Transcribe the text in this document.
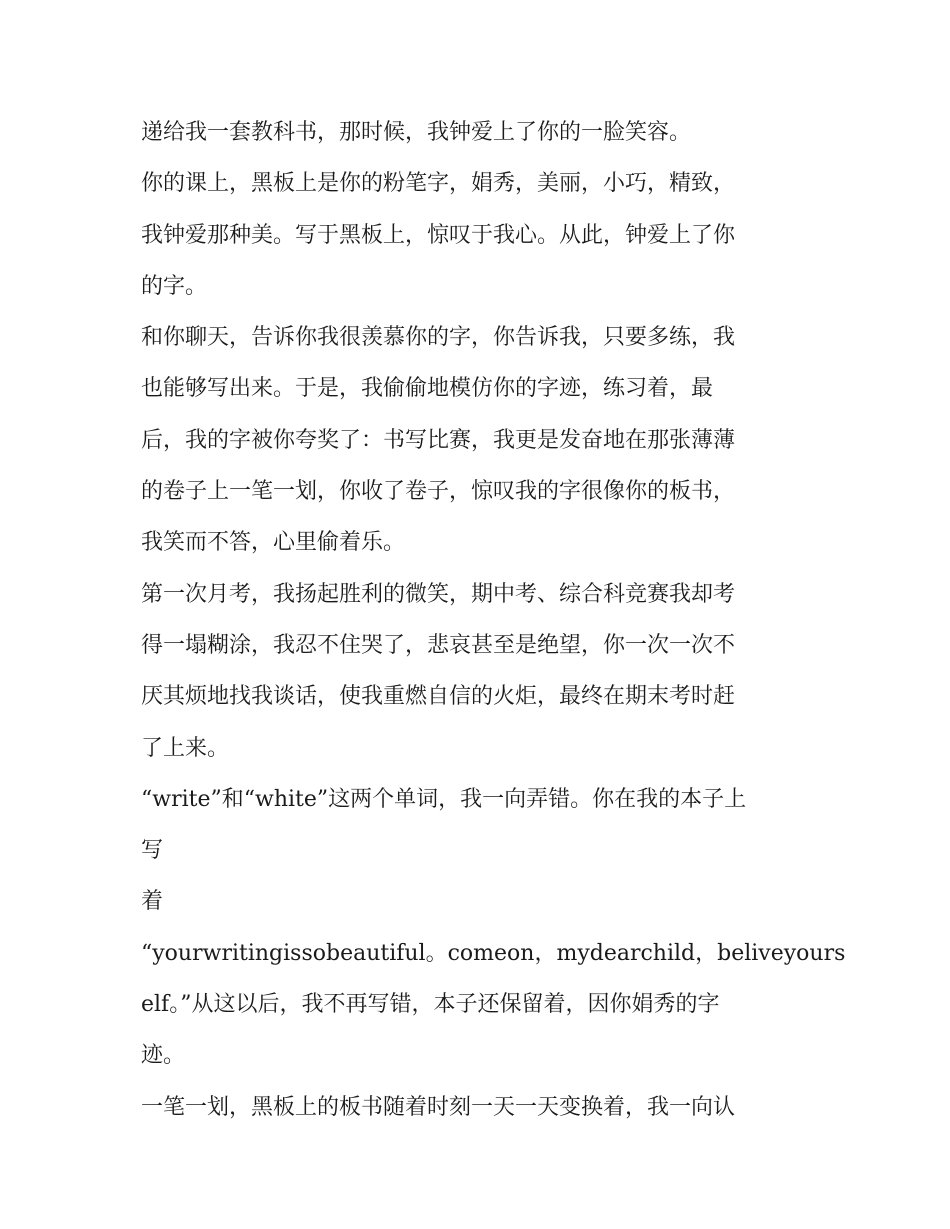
递给我一套教科书，那时候，我钟爱上了你的一脸笑容。
你的课上，黑板上是你的粉笔字，娟秀，美丽，小巧，精致，
我钟爱那种美。写于黑板上，惊叹于我心。从此，钟爱上了你
的字。
和你聊天，告诉你我很羡慕你的字，你告诉我，只要多练，我
也能够写出来。于是，我偷偷地模仿你的字迹，练习着，最
后，我的字被你夸奖了：书写比赛，我更是发奋地在那张薄薄
的卷子上一笔一划，你收了卷子，惊叹我的字很像你的板书，
我笑而不答，心里偷着乐。
第一次月考，我扬起胜利的微笑，期中考、综合科竞赛我却考
得一塌糊涂，我忍不住哭了，悲哀甚至是绝望，你一次一次不
厌其烦地找我谈话，使我重燃自信的火炬，最终在期末考时赶
了上来。
“write”和“white”这两个单词，我一向弄错。你在我的本子上
写
着
“yourwritingissobeautiful。comeon，mydearchild，beliveyours
elf。”从这以后，我不再写错，本子还保留着，因你娟秀的字
迹。
一笔一划，黑板上的板书随着时刻一天一天变换着，我一向认
